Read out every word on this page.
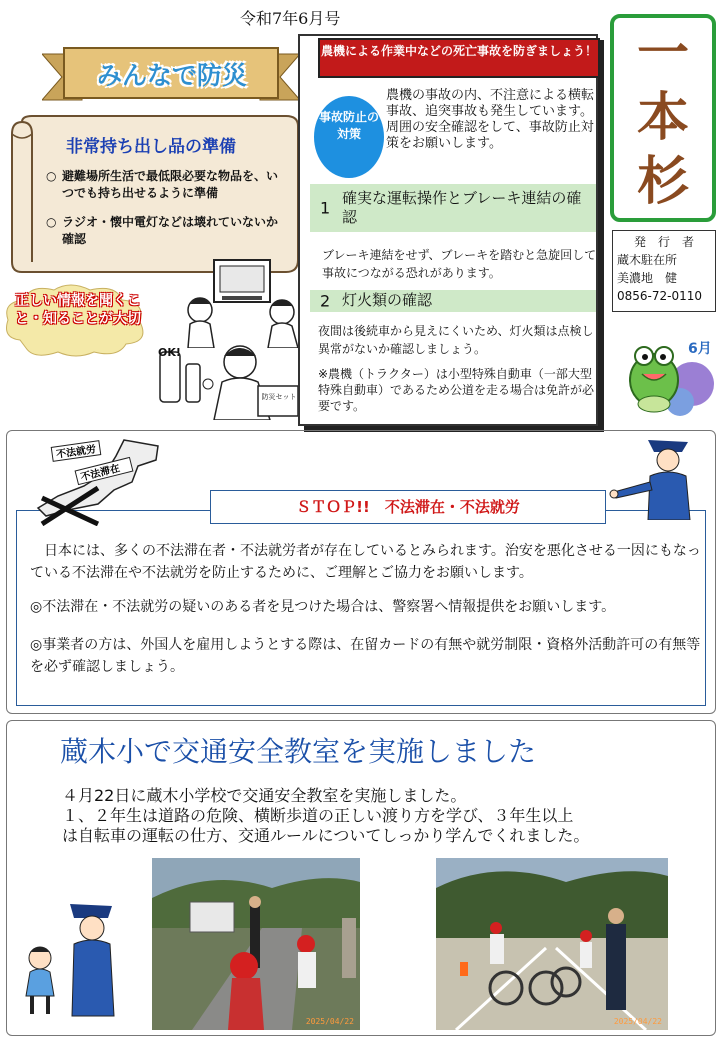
令和7年6月号
みんなで防災
非常持ち出し品の準備
○ 避難場所生活で最低限必要な物品を、いつでも持ち出せるように準備
○ ラジオ・懐中電灯などは壊れていないか確認
正しい情報を聞くこと・知ることが大切
OK!
防災セット
農機による作業中などの死亡事故を防ぎましょう！
事故防止の対策
農機の事故の内、不注意による横転事故、追突事故も発生しています。周囲の安全確認をして、事故防止対策をお願いします。
1
確実な運転操作とブレーキ連結の確認
ブレーキ連結をせず、ブレーキを踏むと急旋回して事故につながる恐れがあります。
2 灯火類の確認
夜間は後続車から見えにくいため、灯火類は点検し異常がないか確認しましょう。
※農機（トラクター）は小型特殊自動車（一部大型特殊自動車）であるため公道を走る場合は免許が必要です。
一
本
杉
発　行　者
蔵木駐在所
美濃地　健
0856-72-0110
6月
不法就労
不法滞在
ＳＴＯＰ!!　不法滞在・不法就労
日本には、多くの不法滞在者・不法就労者が存在しているとみられます。治安を悪化させる一因にもなっている不法滞在や不法就労を防止するために、ご理解とご協力をお願いします。
◎不法滞在・不法就労の疑いのある者を見つけた場合は、警察署へ情報提供をお願いします。
◎事業者の方は、外国人を雇用しようとする際は、在留カードの有無や就労制限・資格外活動許可の有無等を必ず確認しましょう。
蔵木小で交通安全教室を実施しました
４月22日に蔵木小学校で交通安全教室を実施しました。
１、２年生は道路の危険、横断歩道の正しい渡り方を学び、３年生以上
は自転車の運転の仕方、交通ルールについてしっかり学んでくれました。
2025/04/22	2025/04/22
